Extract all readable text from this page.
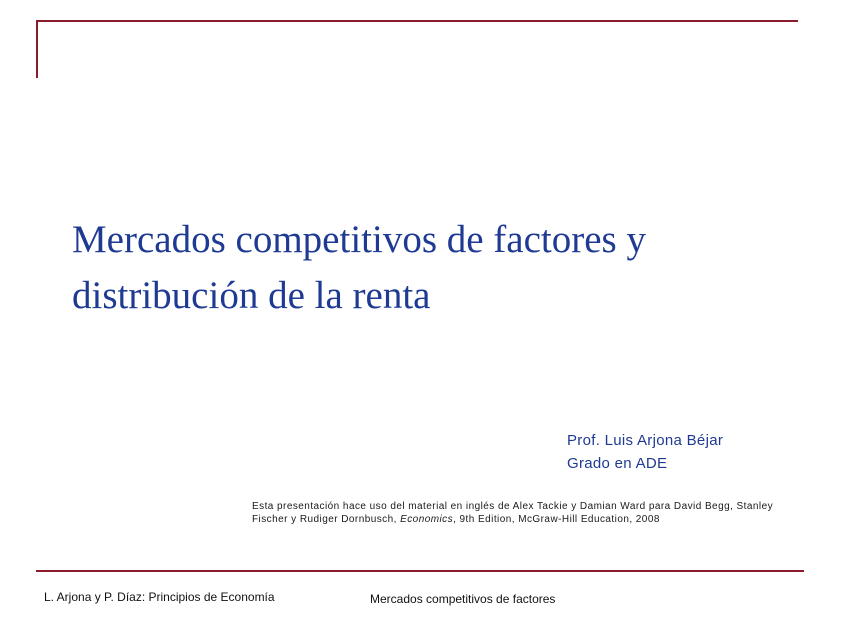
Mercados competitivos de factores y
distribución de la renta
Prof. Luis Arjona Béjar
Grado en ADE
Esta presentación hace uso del material en inglés de Alex Tackie y Damian Ward para David Begg, Stanley Fischer y Rudiger Dornbusch, Economics, 9th Edition, McGraw-Hill Education, 2008
L. Arjona y P. Díaz: Principios de Economía	Mercados competitivos de factores
